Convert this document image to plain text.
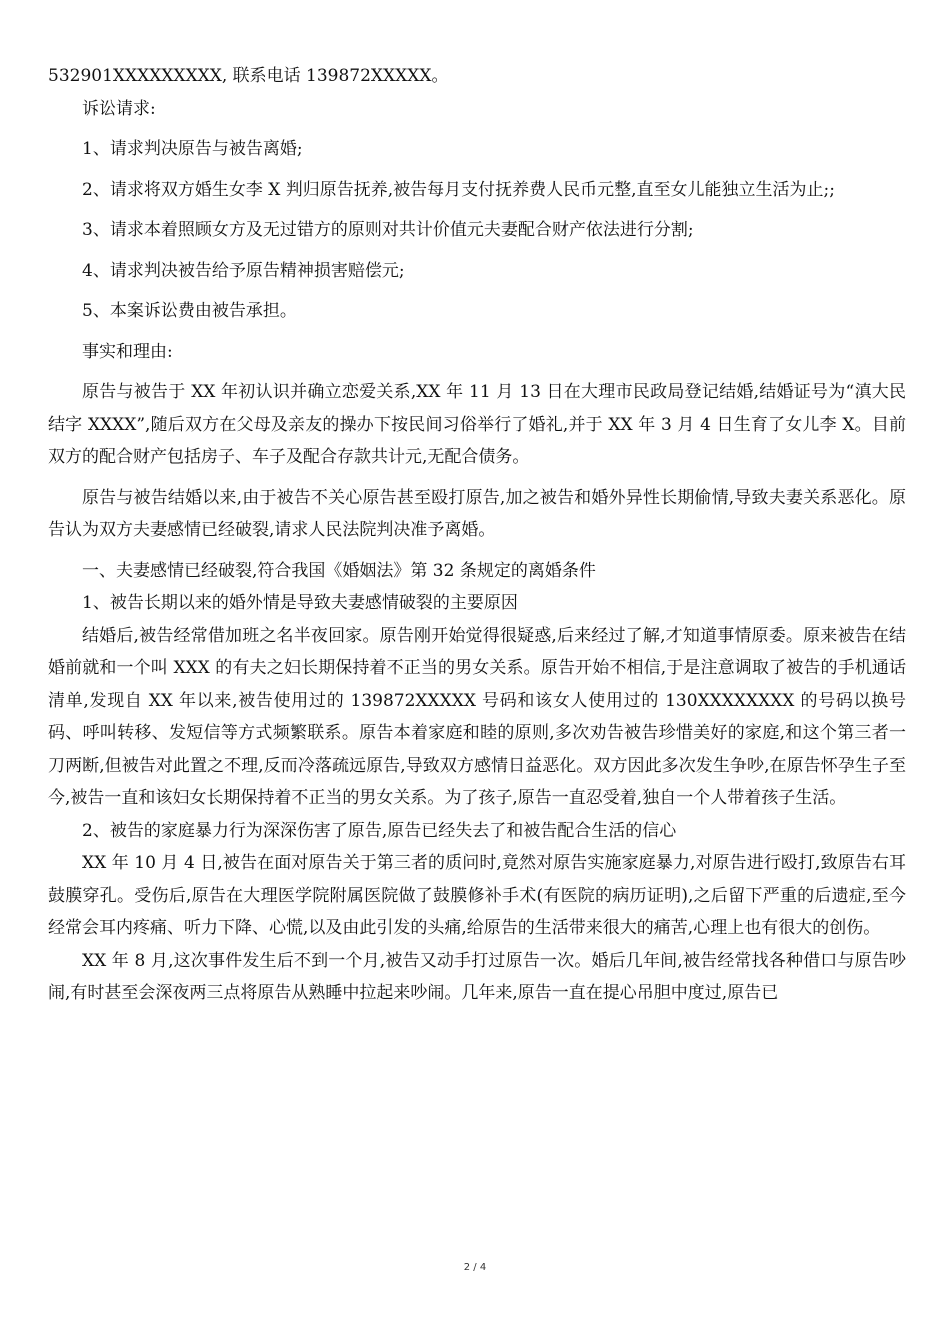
532901XXXXXXXXX, 联系电话 139872XXXXX。

诉讼请求:

1、请求判决原告与被告离婚;

2、请求将双方婚生女李 X 判归原告抚养,被告每月支付抚养费人民币元整,直至女儿能独立生活为止;;

3、请求本着照顾女方及无过错方的原则对共计价值元夫妻配合财产依法进行分割;

4、请求判决被告给予原告精神损害赔偿元;

5、本案诉讼费由被告承担。

事实和理由:

原告与被告于 XX 年初认识并确立恋爱关系,XX 年 11 月 13 日在大理市民政局登记结婚,结婚证号为“滇大民结字 XXXX”,随后双方在父母及亲友的操办下按民间习俗举行了婚礼,并于 XX 年 3 月 4 日生育了女儿李 X。目前双方的配合财产包括房子、车子及配合存款共计元,无配合债务。

原告与被告结婚以来,由于被告不关心原告甚至殴打原告,加之被告和婚外异性长期偷情,导致夫妻关系恶化。原告认为双方夫妻感情已经破裂,请求人民法院判决准予离婚。

一、夫妻感情已经破裂,符合我国《婚姻法》第 32 条规定的离婚条件

1、被告长期以来的婚外情是导致夫妻感情破裂的主要原因

结婚后,被告经常借加班之名半夜回家。原告刚开始觉得很疑惑,后来经过了解,才知道事情原委。原来被告在结婚前就和一个叫 XXX 的有夫之妇长期保持着不正当的男女关系。原告开始不相信,于是注意调取了被告的手机通话清单,发现自 XX 年以来,被告使用过的 139872XXXXX 号码和该女人使用过的 130XXXXXXXX 的号码以换号码、呼叫转移、发短信等方式频繁联系。原告本着家庭和睦的原则,多次劝告被告珍惜美好的家庭,和这个第三者一刀两断,但被告对此置之不理,反而冷落疏远原告,导致双方感情日益恶化。双方因此多次发生争吵,在原告怀孕生子至今,被告一直和该妇女长期保持着不正当的男女关系。为了孩子,原告一直忍受着,独自一个人带着孩子生活。

2、被告的家庭暴力行为深深伤害了原告,原告已经失去了和被告配合生活的信心

XX 年 10 月 4 日,被告在面对原告关于第三者的质问时,竟然对原告实施家庭暴力,对原告进行殴打,致原告右耳鼓膜穿孔。受伤后,原告在大理医学院附属医院做了鼓膜修补手术(有医院的病历证明),之后留下严重的后遗症,至今经常会耳内疼痛、听力下降、心慌,以及由此引发的头痛,给原告的生活带来很大的痛苦,心理上也有很大的创伤。

XX 年 8 月,这次事件发生后不到一个月,被告又动手打过原告一次。婚后几年间,被告经常找各种借口与原告吵闹,有时甚至会深夜两三点将原告从熟睡中拉起来吵闹。几年来,原告一直在提心吊胆中度过,原告已

2 / 4
